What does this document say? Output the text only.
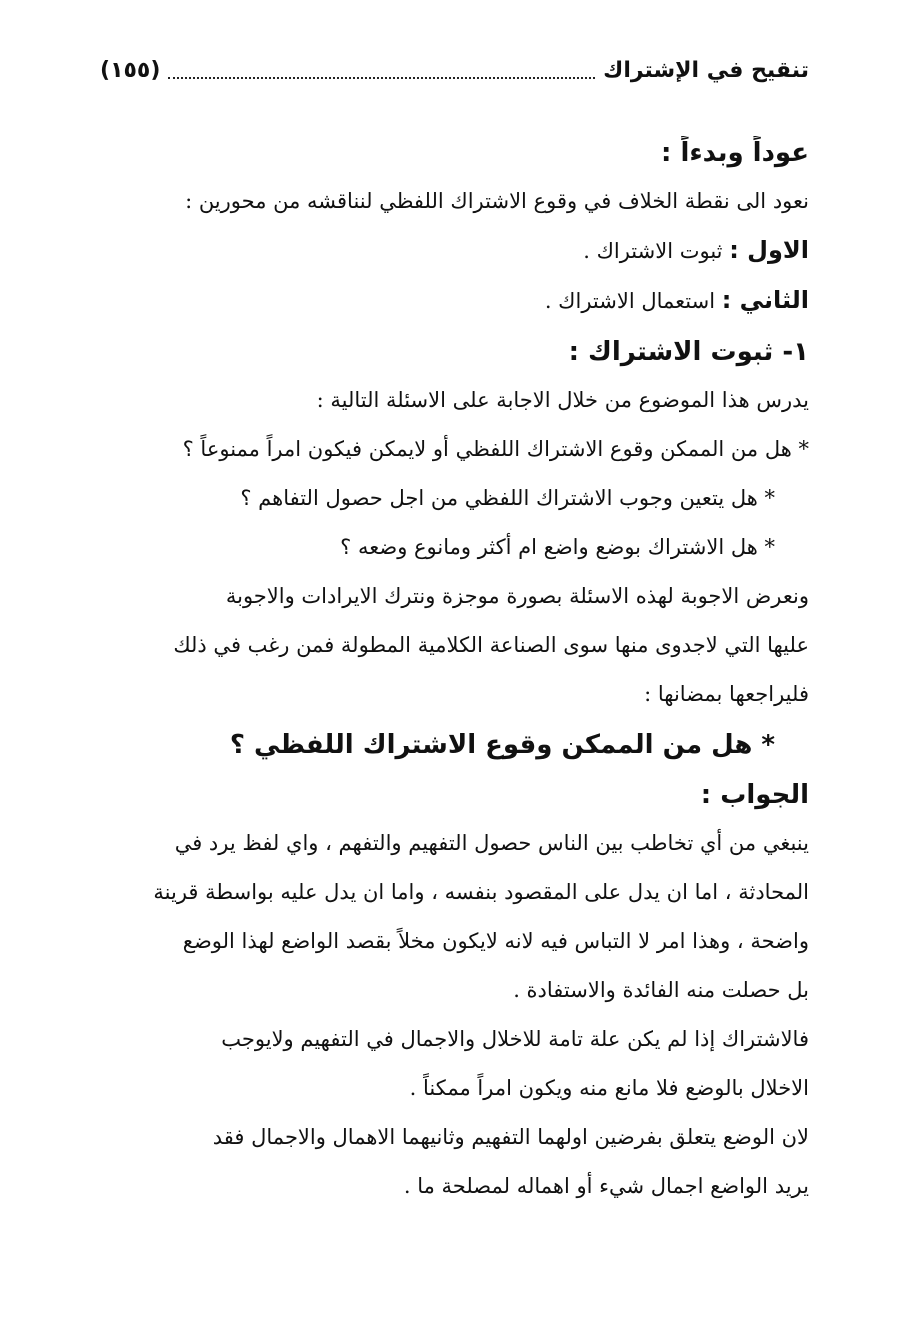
تنقيح في الإشتراك
(١٥٥)
عوداً وبدءاً :
نعود الى نقطة الخلاف في وقوع الاشتراك اللفظي لنناقشه من محورين :
الاول : ثبوت الاشتراك .
الثاني : استعمال الاشتراك .
١- ثبوت الاشتراك :
يدرس هذا الموضوع من خلال الاجابة على الاسئلة التالية :
* هل من الممكن وقوع الاشتراك اللفظي أو لايمكن فيكون امراً ممنوعاً ؟
* هل يتعين وجوب الاشتراك اللفظي من اجل حصول التفاهم ؟
* هل الاشتراك بوضع واضع ام أكثر ومانوع وضعه ؟
ونعرض الاجوبة لهذه الاسئلة بصورة موجزة ونترك الايرادات والاجوبة
عليها التي لاجدوى منها سوى الصناعة الكلامية المطولة فمن رغب في ذلك
فليراجعها بمضانها :
* هل من الممكن وقوع الاشتراك اللفظي ؟
الجواب :
ينبغي من أي تخاطب بين الناس حصول التفهيم والتفهم ، واي لفظ يرد في
المحادثة ، اما ان يدل على المقصود بنفسه ، واما ان يدل عليه بواسطة قرينة
واضحة ، وهذا امر لا التباس فيه لانه لايكون مخلاً بقصد الواضع لهذا الوضع
بل حصلت منه الفائدة والاستفادة .
فالاشتراك إذا لم يكن علة تامة للاخلال والاجمال في التفهيم ولايوجب
الاخلال بالوضع فلا مانع منه ويكون امراً ممكناً .
لان الوضع يتعلق بفرضين اولهما التفهيم وثانيهما الاهمال والاجمال فقد
يريد الواضع اجمال شيء أو اهماله لمصلحة ما .
